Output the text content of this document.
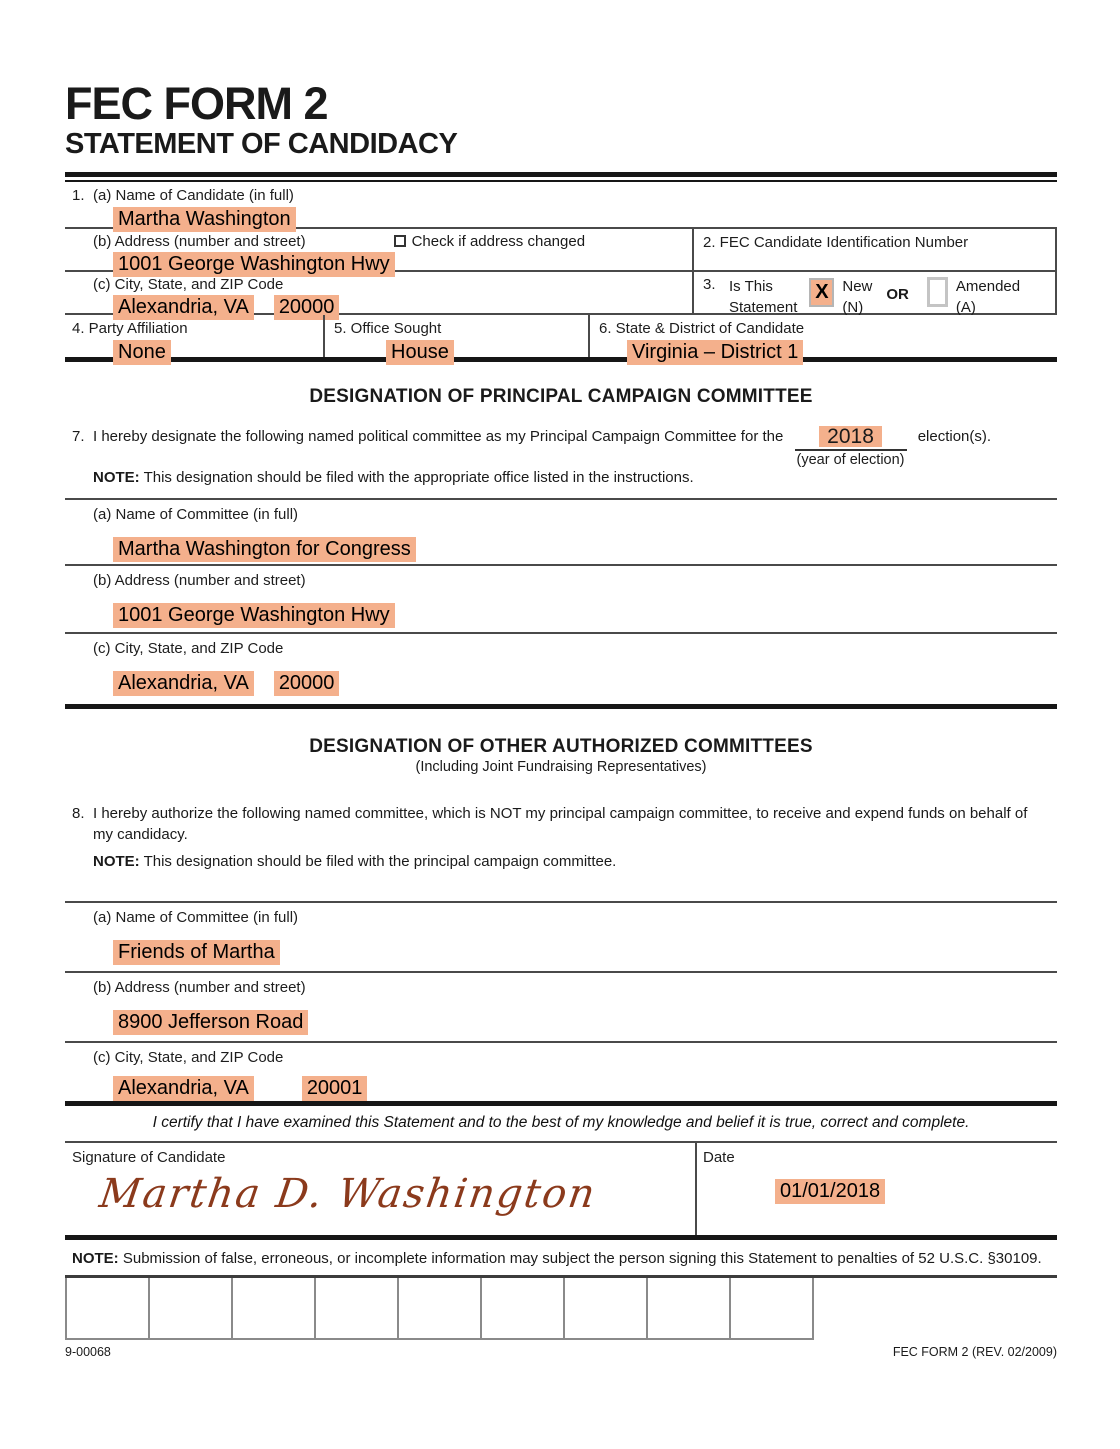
FEC FORM 2
STATEMENT OF CANDIDACY
1. (a) Name of Candidate (in full)
Martha Washington
(b) Address (number and street)	Check if address changed
1001 George Washington Hwy
2. FEC Candidate Identification Number
(c) City, State, and ZIP Code
Alexandria, VA 20000
3. Is This
Statement
X New
(N)
OR	Amended
(A)
4. Party Affiliation
None
5. Office Sought
House
6. State & District of Candidate
Virginia – District 1
DESIGNATION OF PRINCIPAL CAMPAIGN COMMITTEE
7. I hereby designate the following named political committee as my Principal Campaign Committee for the 2018
(year of election)
election(s).
NOTE: This designation should be filed with the appropriate office listed in the instructions.
(a) Name of Committee (in full)
Martha Washington for Congress
(b) Address (number and street)
1001 George Washington Hwy
(c) City, State, and ZIP Code
Alexandria, VA 20000
DESIGNATION OF OTHER AUTHORIZED COMMITTEES
(Including Joint Fundraising Representatives)
8. I hereby authorize the following named committee, which is NOT my principal campaign committee, to receive and expend funds on behalf of my candidacy.
NOTE: This designation should be filed with the principal campaign committee.
(a) Name of Committee (in full)
Friends of Martha
(b) Address (number and street)
8900 Jefferson Road
(c) City, State, and ZIP Code
Alexandria, VA	20001
I certify that I have examined this Statement and to the best of my knowledge and belief it is true, correct and complete.
Signature of Candidate
Martha D. Washington
Date
01/01/2018
NOTE: Submission of false, erroneous, or incomplete information may subject the person signing this Statement to penalties of 52 U.S.C. §30109.
9-00068	FEC FORM 2 (REV. 02/2009)
